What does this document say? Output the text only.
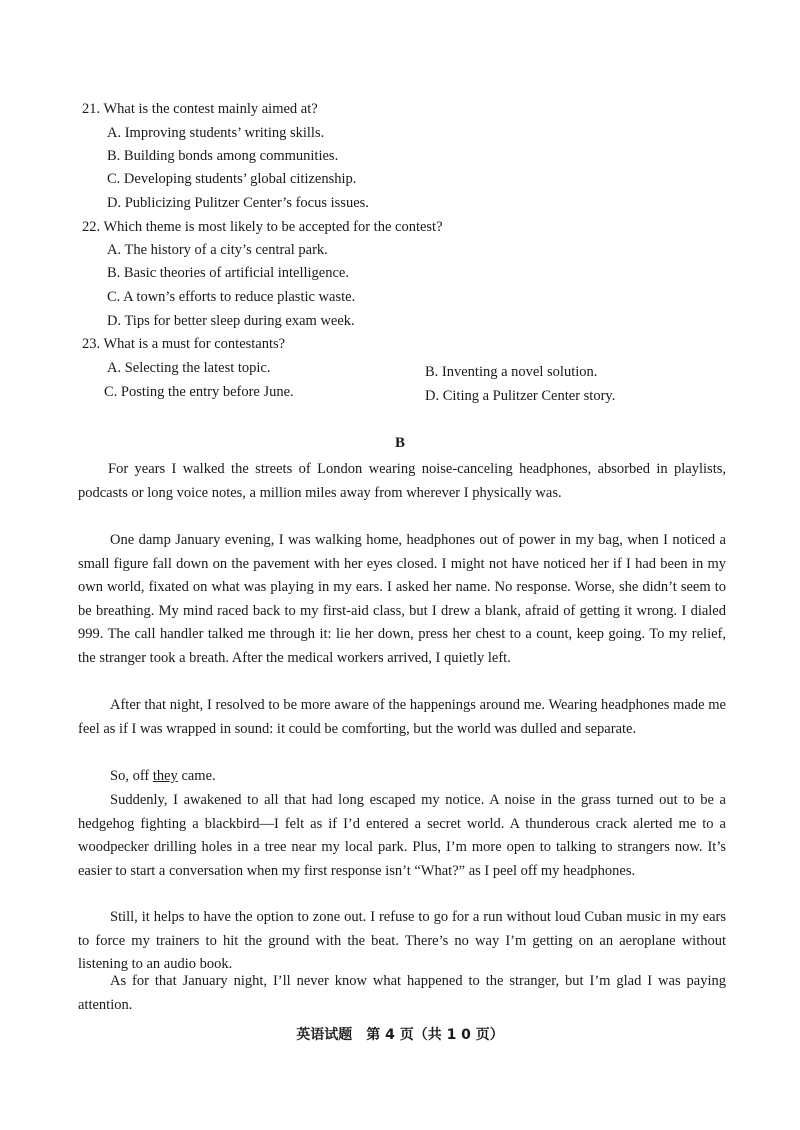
21. What is the contest mainly aimed at?
A. Improving students’ writing skills.
B. Building bonds among communities.
C. Developing students’ global citizenship.
D. Publicizing Pulitzer Center’s focus issues.
22. Which theme is most likely to be accepted for the contest?
A. The history of a city’s central park.
B. Basic theories of artificial intelligence.
C. A town’s efforts to reduce plastic waste.
D. Tips for better sleep during exam week.
23. What is a must for contestants?
A. Selecting the latest topic.	B. Inventing a novel solution.
C. Posting the entry before June.	D. Citing a Pulitzer Center story.
B

For years I walked the streets of London wearing noise-canceling headphones, absorbed in playlists, podcasts or long voice notes, a million miles away from wherever I physically was.

One damp January evening, I was walking home, headphones out of power in my bag, when I noticed a small figure fall down on the pavement with her eyes closed. I might not have noticed her if I had been in my own world, fixated on what was playing in my ears. I asked her name. No response. Worse, she didn’t seem to be breathing. My mind raced back to my first-aid class, but I drew a blank, afraid of getting it wrong. I dialed 999. The call handler talked me through it: lie her down, press her chest to a count, keep going. To my relief, the stranger took a breath. After the medical workers arrived, I quietly left.

After that night, I resolved to be more aware of the happenings around me. Wearing headphones made me feel as if I was wrapped in sound: it could be comforting, but the world was dulled and separate.

So, off they came.

Suddenly, I awakened to all that had long escaped my notice. A noise in the grass turned out to be a hedgehog fighting a blackbird—I felt as if I’d entered a secret world. A thunderous crack alerted me to a woodpecker drilling holes in a tree near my local park. Plus, I’m more open to talking to strangers now. It’s easier to start a conversation when my first response isn’t “What?” as I peel off my headphones.

Still, it helps to have the option to zone out. I refuse to go for a run without loud Cuban music in my ears to force my trainers to hit the ground with the beat. There’s no way I’m getting on an aeroplane without listening to an audio book.

As for that January night, I’ll never know what happened to the stranger, but I’m glad I was paying attention.

英语试题　第 4 页（共 1 0 页）
